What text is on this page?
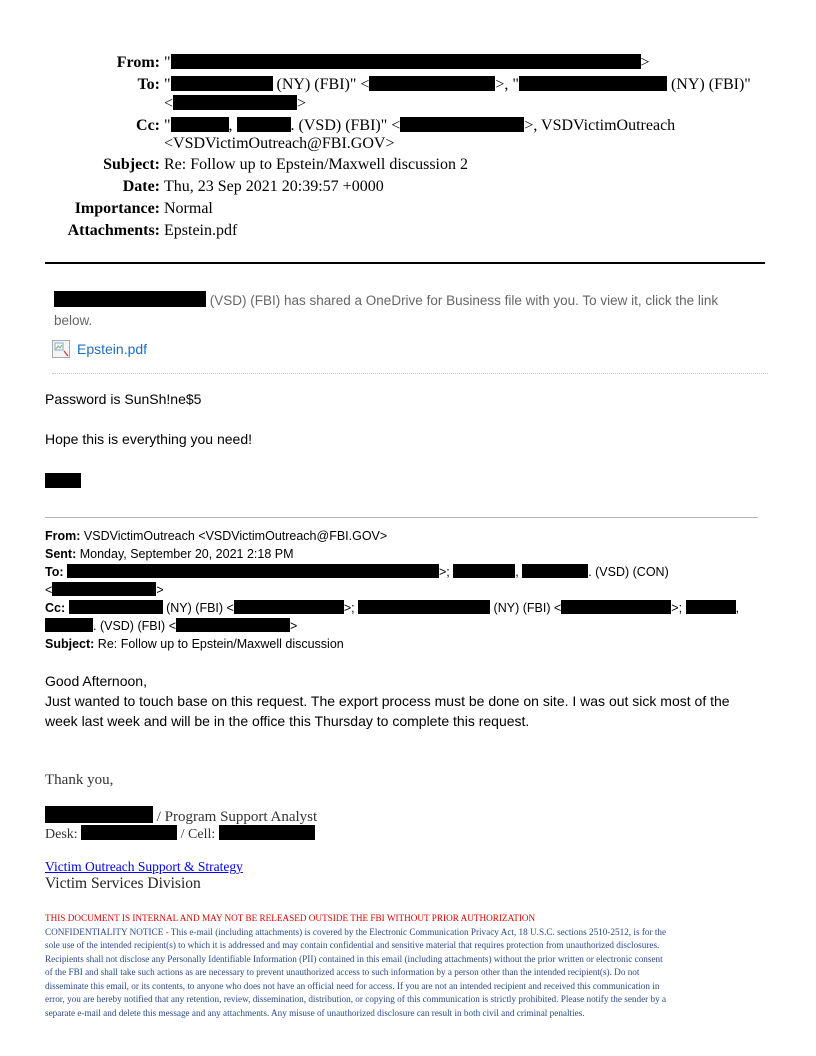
From: "	>
To: "	(NY) (FBI)" <	>, "	(NY) (FBI)"
<	>
Cc: "	,	. (VSD) (FBI)" <	>, VSDVictimOutreach
<VSDVictimOutreach@FBI.GOV>
Subject: Re: Follow up to Epstein/Maxwell discussion 2
Date: Thu, 23 Sep 2021 20:39:57 +0000
Importance: Normal
Attachments: Epstein.pdf
(VSD) (FBI) has shared a OneDrive for Business file with you. To view it, click the link
below.
Epstein.pdf
Password is SunSh!ne$5
Hope this is everything you need!
From: VSDVictimOutreach <VSDVictimOutreach@FBI.GOV>
Sent: Monday, September 20, 2021 2:18 PM
To:	>;	,	. (VSD) (CON)
<	>
Cc:	(NY) (FBI) <	>;	(NY) (FBI) <	>;	,
. (VSD) (FBI) <	>
Subject: Re: Follow up to Epstein/Maxwell discussion
Good Afternoon,
Just wanted to touch base on this request. The export process must be done on site. I was out sick most of the
week last week and will be in the office this Thursday to complete this request.
Thank you,
/ Program Support Analyst
Desk:	/ Cell:
Victim Outreach Support & Strategy
Victim Services Division
THIS DOCUMENT IS INTERNAL AND MAY NOT BE RELEASED OUTSIDE THE FBI WITHOUT PRIOR AUTHORIZATION
CONFIDENTIALITY NOTICE - This e-mail (including attachments) is covered by the Electronic Communication Privacy Act, 18 U.S.C. sections 2510-2512, is for the
sole use of the intended recipient(s) to which it is addressed and may contain confidential and sensitive material that requires protection from unauthorized disclosures.
Recipients shall not disclose any Personally Identifiable Information (PII) contained in this email (including attachments) without the prior written or electronic consent
of the FBI and shall take such actions as are necessary to prevent unauthorized access to such information by a person other than the intended recipient(s). Do not
disseminate this email, or its contents, to anyone who does not have an official need for access. If you are not an intended recipient and received this communication in
error, you are hereby notified that any retention, review, dissemination, distribution, or copying of this communication is strictly prohibited. Please notify the sender by a
separate e-mail and delete this message and any attachments. Any misuse of unauthorized disclosure can result in both civil and criminal penalties.
